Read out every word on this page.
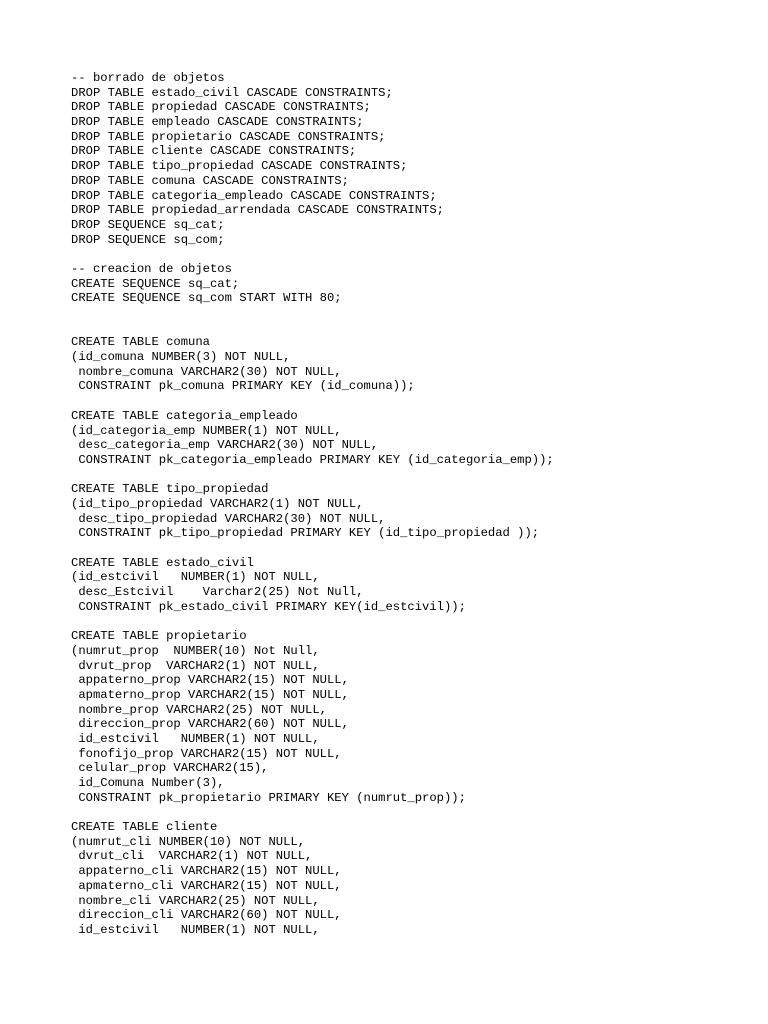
-- borrado de objetos
DROP TABLE estado_civil CASCADE CONSTRAINTS;
DROP TABLE propiedad CASCADE CONSTRAINTS;
DROP TABLE empleado CASCADE CONSTRAINTS;
DROP TABLE propietario CASCADE CONSTRAINTS;
DROP TABLE cliente CASCADE CONSTRAINTS;
DROP TABLE tipo_propiedad CASCADE CONSTRAINTS;
DROP TABLE comuna CASCADE CONSTRAINTS;
DROP TABLE categoria_empleado CASCADE CONSTRAINTS;
DROP TABLE propiedad_arrendada CASCADE CONSTRAINTS;
DROP SEQUENCE sq_cat;
DROP SEQUENCE sq_com;
-- creacion de objetos
CREATE SEQUENCE sq_cat;
CREATE SEQUENCE sq_com START WITH 80;
CREATE TABLE comuna
(id_comuna NUMBER(3) NOT NULL,
nombre_comuna VARCHAR2(30) NOT NULL,
CONSTRAINT pk_comuna PRIMARY KEY (id_comuna));
CREATE TABLE categoria_empleado
(id_categoria_emp NUMBER(1) NOT NULL,
desc_categoria_emp VARCHAR2(30) NOT NULL,
CONSTRAINT pk_categoria_empleado PRIMARY KEY (id_categoria_emp));
CREATE TABLE tipo_propiedad
(id_tipo_propiedad VARCHAR2(1) NOT NULL,
desc_tipo_propiedad VARCHAR2(30) NOT NULL,
CONSTRAINT pk_tipo_propiedad PRIMARY KEY (id_tipo_propiedad ));
CREATE TABLE estado_civil
(id_estcivil   NUMBER(1) NOT NULL,
desc_Estcivil    Varchar2(25) Not Null,
CONSTRAINT pk_estado_civil PRIMARY KEY(id_estcivil));
CREATE TABLE propietario
(numrut_prop  NUMBER(10) Not Null,
dvrut_prop  VARCHAR2(1) NOT NULL,
appaterno_prop VARCHAR2(15) NOT NULL,
apmaterno_prop VARCHAR2(15) NOT NULL,
nombre_prop VARCHAR2(25) NOT NULL,
direccion_prop VARCHAR2(60) NOT NULL,
id_estcivil   NUMBER(1) NOT NULL,
fonofijo_prop VARCHAR2(15) NOT NULL,
celular_prop VARCHAR2(15),
id_Comuna Number(3),
CONSTRAINT pk_propietario PRIMARY KEY (numrut_prop));
CREATE TABLE cliente
(numrut_cli NUMBER(10) NOT NULL,
dvrut_cli  VARCHAR2(1) NOT NULL,
appaterno_cli VARCHAR2(15) NOT NULL,
apmaterno_cli VARCHAR2(15) NOT NULL,
nombre_cli VARCHAR2(25) NOT NULL,
direccion_cli VARCHAR2(60) NOT NULL,
id_estcivil   NUMBER(1) NOT NULL,
